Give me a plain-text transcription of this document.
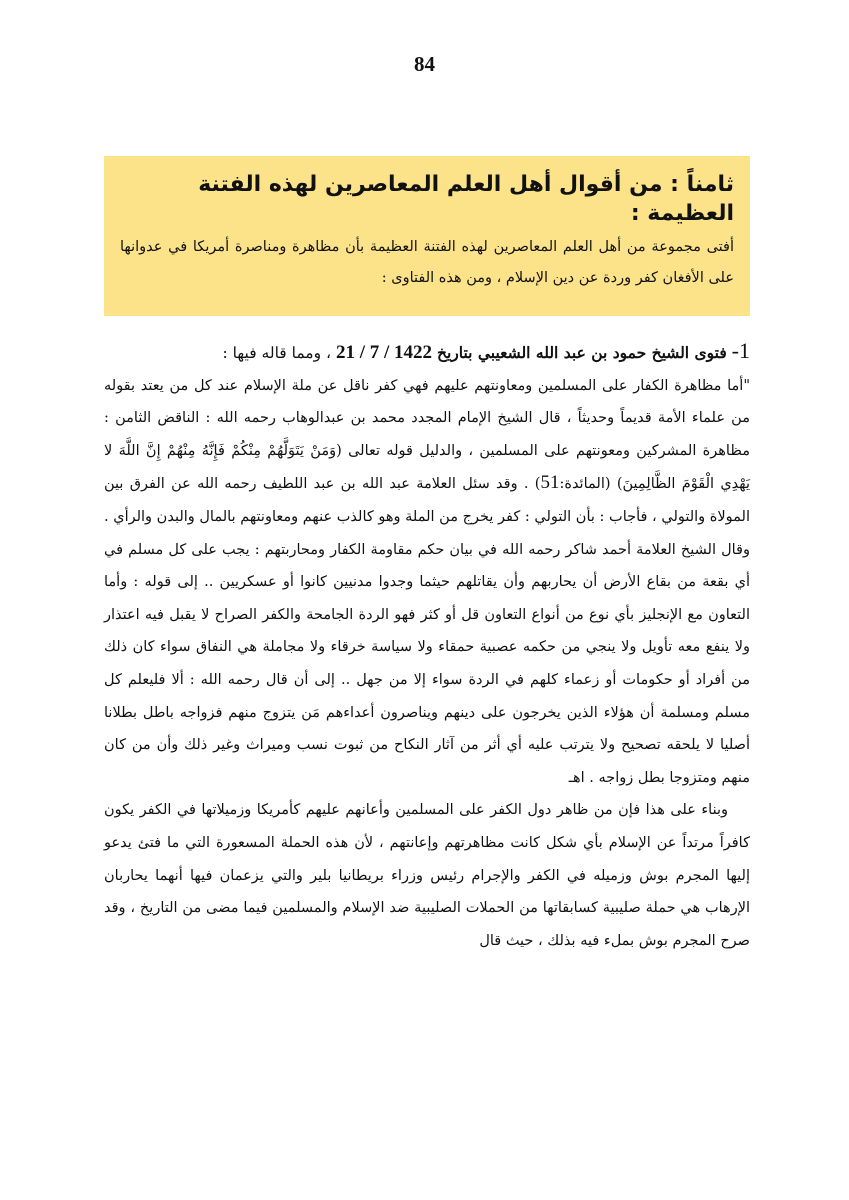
84
ثامناً : من أقوال أهل العلم المعاصرين لهذه الفتنة العظيمة :

أفتى مجموعة من أهل العلم المعاصرين لهذه الفتنة العظيمة بأن مظاهرة ومناصرة أمريكا في عدوانها على الأفغان كفر وردة عن دين الإسلام ، ومن هذه الفتاوى :

1- فتوى الشيخ حمود بن عبد الله الشعيبي بتاريخ 21 / 7 / 1422 ، ومما قاله فيها :

"أما مظاهرة الكفار على المسلمين ومعاونتهم عليهم فهي كفر ناقل عن ملة الإسلام عند كل من يعتد بقوله من علماء الأمة قديماً وحديثاً ، قال الشيخ الإمام المجدد محمد بن عبدالوهاب رحمه الله : الناقض الثامن : مظاهرة المشركين ومعونتهم على المسلمين ، والدليل قوله تعالى (وَمَنْ يَتَوَلَّهُمْ مِنْكُمْ فَإِنَّهُ مِنْهُمْ إِنَّ اللَّهَ لا يَهْدِي الْقَوْمَ الظَّالِمِينَ) (المائدة:51) . وقد سئل العلامة عبد الله بن عبد اللطيف رحمه الله عن الفرق بين المولاة والتولي ، فأجاب : بأن التولي : كفر يخرج من الملة وهو كالذب عنهم ومعاونتهم بالمال والبدن والرأي . وقال الشيخ العلامة أحمد شاكر رحمه الله في بيان حكم مقاومة الكفار ومحاربتهم : يجب على كل مسلم في أي بقعة من بقاع الأرض أن يحاربهم وأن يقاتلهم حيثما وجدوا مدنيين كانوا أو عسكريين .. إلى قوله : وأما التعاون مع الإنجليز بأي نوع من أنواع التعاون قل أو كثر فهو الردة الجامحة والكفر الصراح لا يقبل فيه اعتذار ولا ينفع معه تأويل ولا ينجي من حكمه عصبية حمقاء ولا سياسة خرقاء ولا مجاملة هي النفاق سواء كان ذلك من أفراد أو حكومات أو زعماء كلهم في الردة سواء إلا من جهل .. إلى أن قال رحمه الله : ألا فليعلم كل مسلم ومسلمة أن هؤلاء الذين يخرجون على دينهم ويناصرون أعداءهم مَن يتزوج منهم فزواجه باطل بطلانا أصليا لا يلحقه تصحيح ولا يترتب عليه أي أثر من آثار النكاح من ثبوت نسب وميراث وغير ذلك وأن من كان منهم ومتزوجا بطل زواجه . اهـ

وبناء على هذا فإن من ظاهر دول الكفر على المسلمين وأعانهم عليهم كأمريكا وزميلاتها في الكفر يكون كافراً مرتداً عن الإسلام بأي شكل كانت مظاهرتهم وإعانتهم ، لأن هذه الحملة المسعورة التي ما فتئ يدعو إليها المجرم بوش وزميله في الكفر والإجرام رئيس وزراء بريطانيا بلير والتي يزعمان فيها أنهما يحاربان الإرهاب هي حملة صليبية كسابقاتها من الحملات الصليبية ضد الإسلام والمسلمين فيما مضى من التاريخ ، وقد صرح المجرم بوش بملء فيه بذلك ، حيث قال
